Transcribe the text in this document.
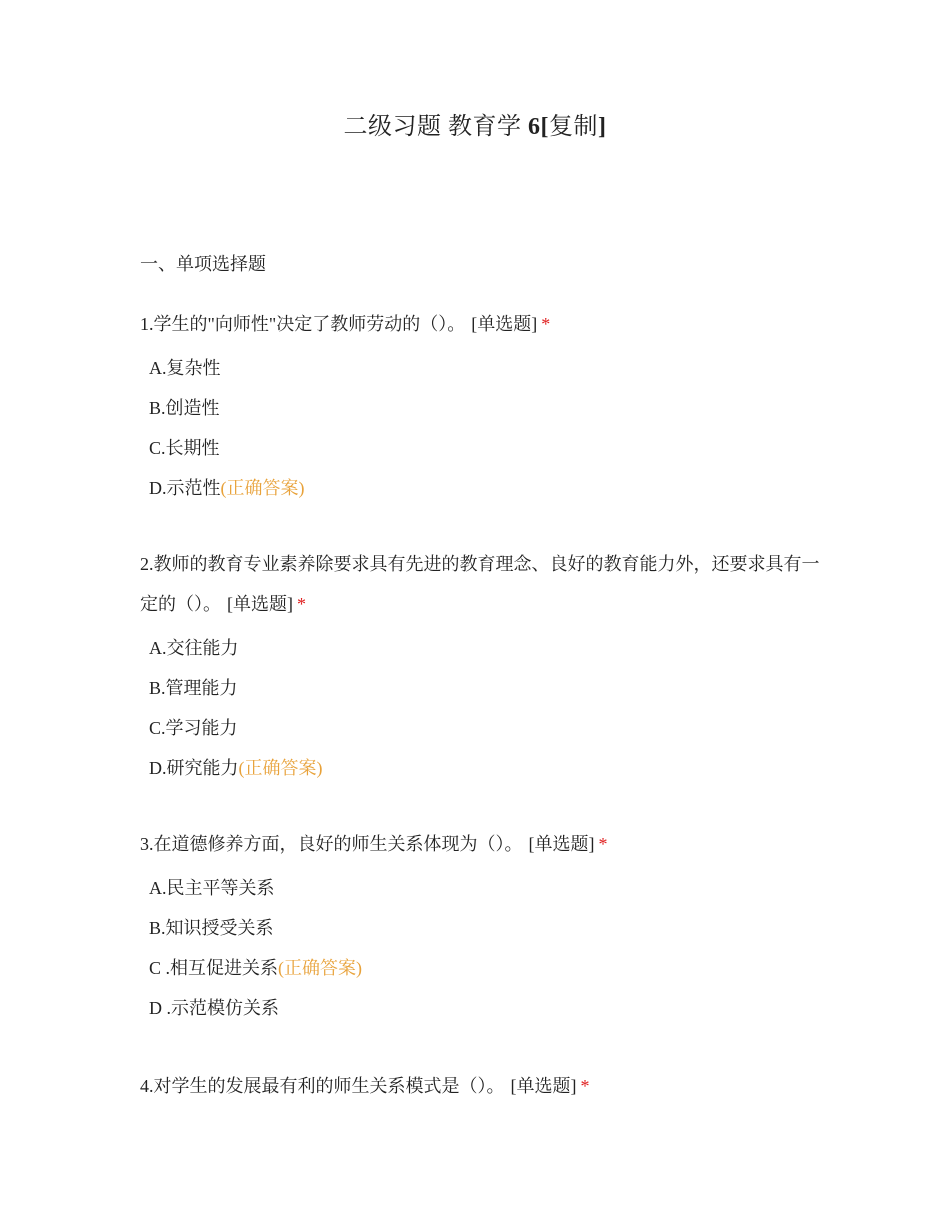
二级习题 教育学 6[复制]
一、单项选择题

1.学生的"向师性"决定了教师劳动的（）。 [单选题] *

A.复杂性
B.创造性
C.长期性
D.示范性(正确答案)

2.教师的教育专业素养除要求具有先进的教育理念、良好的教育能力外，还要求具有一定的（）。 [单选题] *

A.交往能力
B.管理能力
C.学习能力
D.研究能力(正确答案)

3.在道德修养方面，良好的师生关系体现为（）。 [单选题] *

A.民主平等关系
B.知识授受关系
C .相互促进关系(正确答案)
D .示范模仿关系

4.对学生的发展最有利的师生关系模式是（）。 [单选题] *
